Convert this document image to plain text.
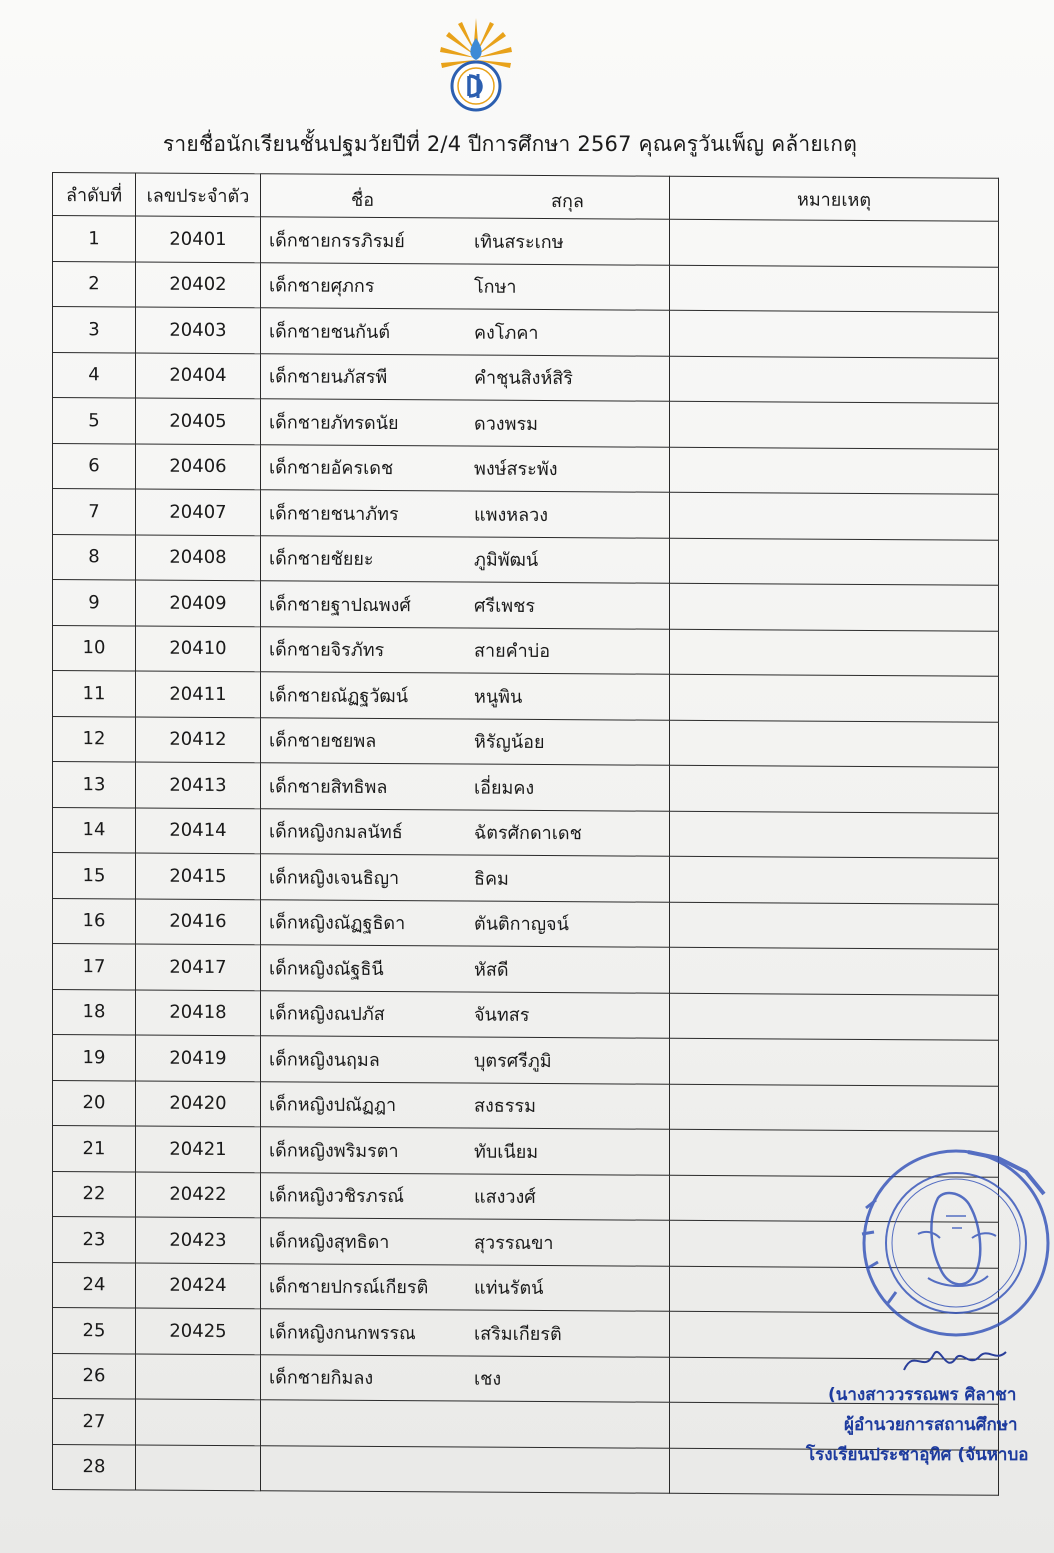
รายชื่อนักเรียนชั้นปฐมวัยปีที่ 2/4 ปีการศึกษา 2567 คุณครูวันเพ็ญ คล้ายเกตุ
ลำดับที่	เลขประจำตัว	ชื่อ สกุล	หมายเหตุ
1	20401	เด็กชายกรรภิรมย์ เทินสระเกษ	
2	20402	เด็กชายศุภกร โกษา	
3	20403	เด็กชายชนกันต์ คงโภคา	
4	20404	เด็กชายนภัสรพี คำชุนสิงห์สิริ	
5	20405	เด็กชายภัทรดนัย ดวงพรม	
6	20406	เด็กชายอัครเดช พงษ์สระพัง	
7	20407	เด็กชายชนาภัทร แพงหลวง	
8	20408	เด็กชายชัยยะ ภูมิพัฒน์	
9	20409	เด็กชายฐาปณพงศ์ ศรีเพชร	
10	20410	เด็กชายจิรภัทร สายคำบ่อ	
11	20411	เด็กชายณัฏฐวัฒน์ หนูพิน	
12	20412	เด็กชายชยพล หิรัญน้อย	
13	20413	เด็กชายสิทธิพล เอี่ยมคง	
14	20414	เด็กหญิงกมลนัทธ์ ฉัตรศักดาเดช	
15	20415	เด็กหญิงเจนธิญา ธิคม	
16	20416	เด็กหญิงณัฏฐธิดา ตันติกาญจน์	
17	20417	เด็กหญิงณัฐธินี หัสดี	
18	20418	เด็กหญิงณปภัส จันทสร	
19	20419	เด็กหญิงนฤมล บุตรศรีภูมิ	
20	20420	เด็กหญิงปณัฏฎา สงธรรม	
21	20421	เด็กหญิงพริมรตา ทับเนียม	
22	20422	เด็กหญิงวชิรภรณ์ แสงวงศ์	
23	20423	เด็กหญิงสุทธิดา สุวรรณขา	
24	20424	เด็กชายปกรณ์เกียรติ แท่นรัตน์	
25	20425	เด็กหญิงกนกพรรณ เสริมเกียรติ	
26		เด็กชายกิมลง เชง	
27			
28			
(นางสาววรรณพร ศิลาชา
ผู้อำนวยการสถานศึกษา
โรงเรียนประชาอุทิศ (จันหาบอ
